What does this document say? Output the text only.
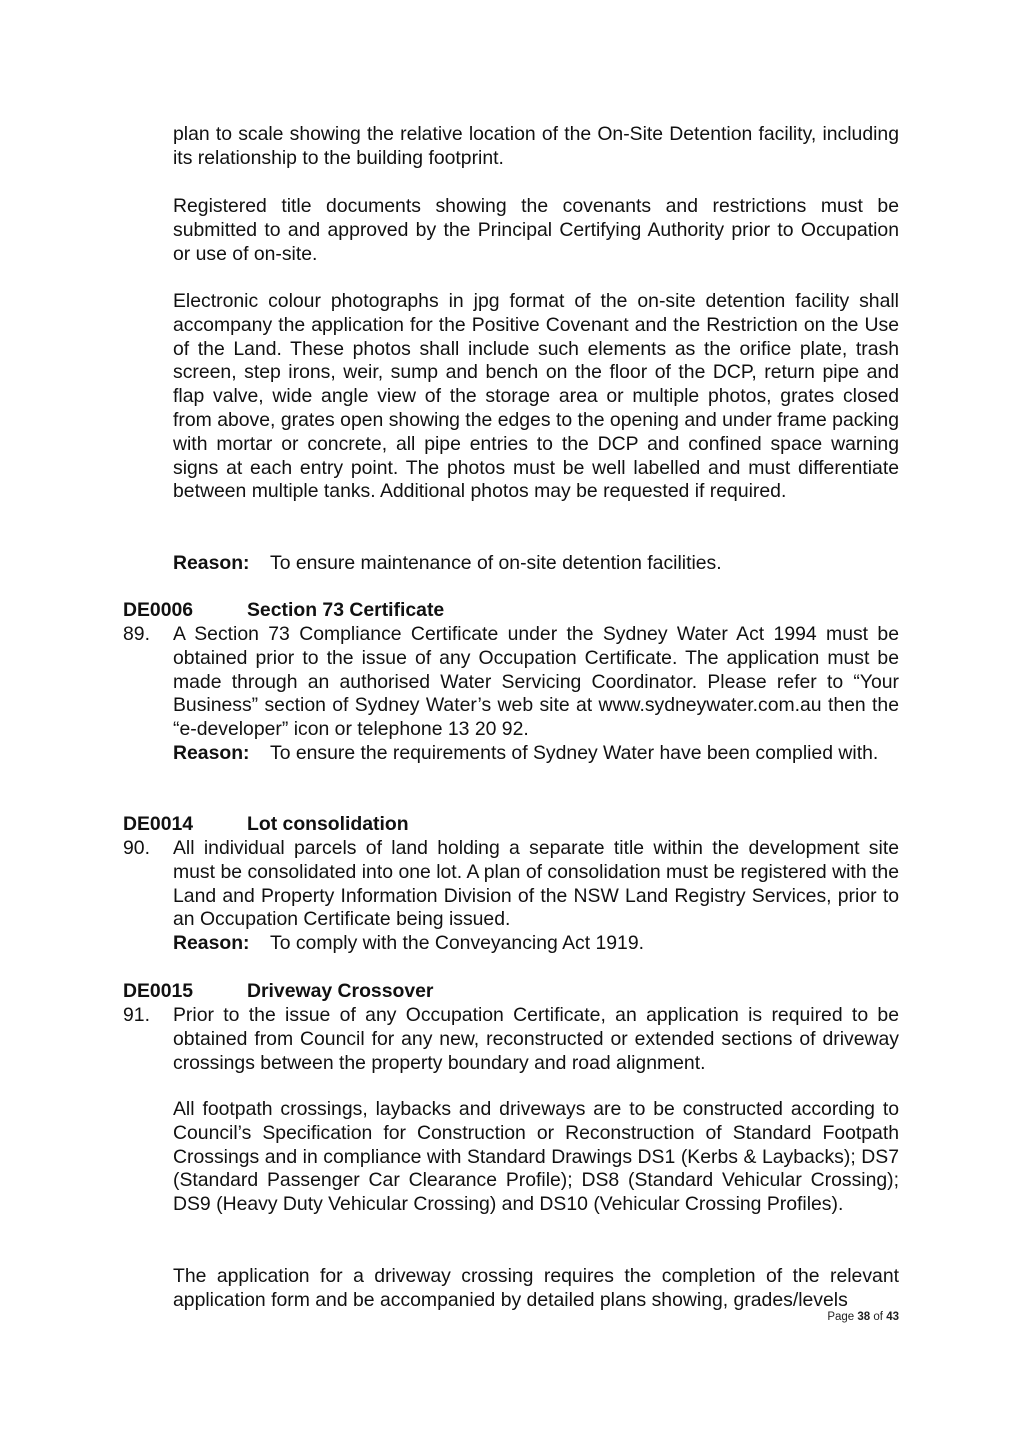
plan to scale showing the relative location of the On-Site Detention facility, including its relationship to the building footprint.

Registered title documents showing the covenants and restrictions must be submitted to and approved by the Principal Certifying Authority prior to Occupation or use of on-site.

Electronic colour photographs in jpg format of the on-site detention facility shall accompany the application for the Positive Covenant and the Restriction on the Use of the Land. These photos shall include such elements as the orifice plate, trash screen, step irons, weir, sump and bench on the floor of the DCP, return pipe and flap valve, wide angle view of the storage area or multiple photos, grates closed from above, grates open showing the edges to the opening and under frame packing with mortar or concrete, all pipe entries to the DCP and confined space warning signs at each entry point. The photos must be well labelled and must differentiate between multiple tanks. Additional photos may be requested if required.

Reason:	To ensure maintenance of on-site detention facilities.
DE0006	Section 73 Certificate
89. A Section 73 Compliance Certificate under the Sydney Water Act 1994 must be obtained prior to the issue of any Occupation Certificate. The application must be made through an authorised Water Servicing Coordinator. Please refer to “Your Business” section of Sydney Water’s web site at www.sydneywater.com.au then the “e-developer” icon or telephone 13 20 92.

Reason:	To ensure the requirements of Sydney Water have been complied with.
DE0014	Lot consolidation
90. All individual parcels of land holding a separate title within the development site must be consolidated into one lot. A plan of consolidation must be registered with the Land and Property Information Division of the NSW Land Registry Services, prior to an Occupation Certificate being issued.

Reason:	To comply with the Conveyancing Act 1919.
DE0015	Driveway Crossover
91. Prior to the issue of any Occupation Certificate, an application is required to be obtained from Council for any new, reconstructed or extended sections of driveway crossings between the property boundary and road alignment.

All footpath crossings, laybacks and driveways are to be constructed according to Council’s Specification for Construction or Reconstruction of Standard Footpath Crossings and in compliance with Standard Drawings DS1 (Kerbs & Laybacks); DS7 (Standard Passenger Car Clearance Profile); DS8 (Standard Vehicular Crossing); DS9 (Heavy Duty Vehicular Crossing) and DS10 (Vehicular Crossing Profiles).

The application for a driveway crossing requires the completion of the relevant application form and be accompanied by detailed plans showing, grades/levels

Page 38 of 43
